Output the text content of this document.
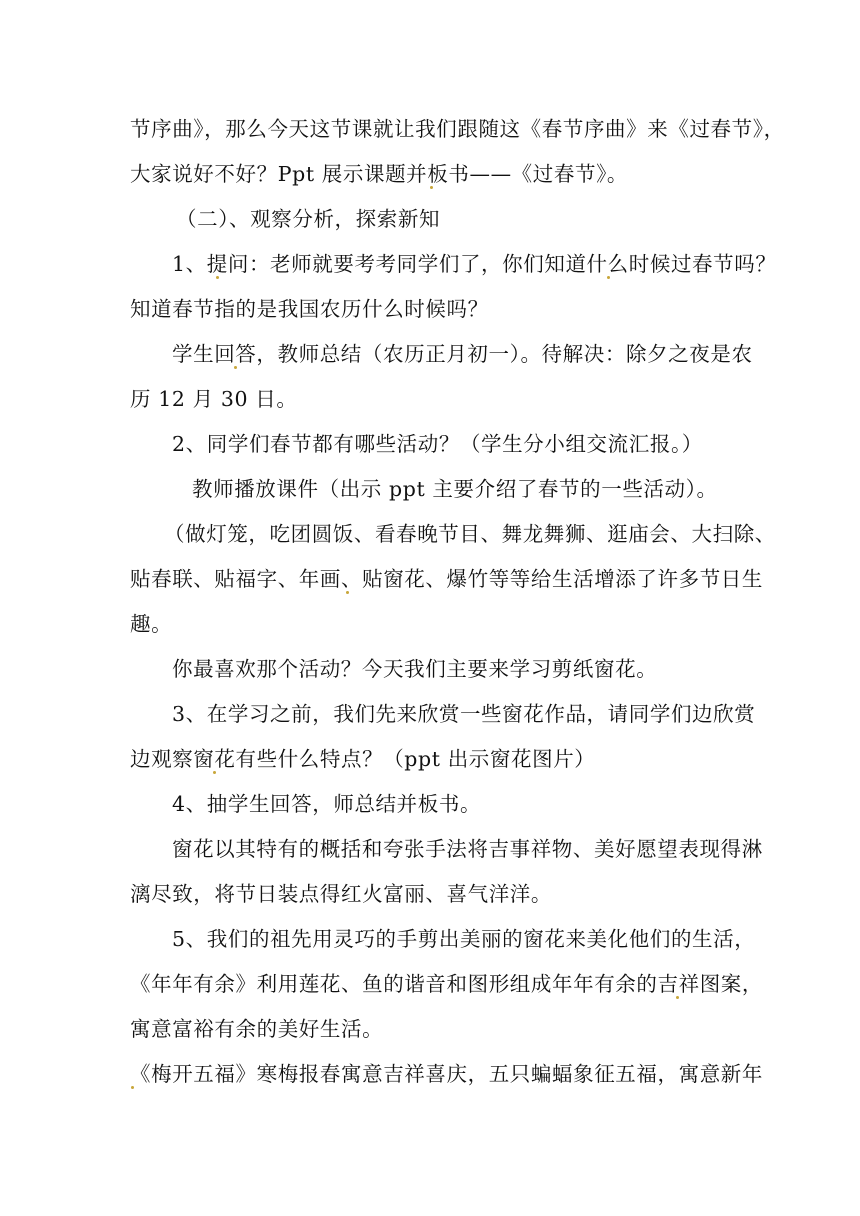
节序曲》，那么今天这节课就让我们跟随这《春节序曲》来《过春节》，
大家说好不好？Ppt 展示课题并板书——《过春节》。
（二）、观察分析，探索新知
1、提问：老师就要考考同学们了，你们知道什么时候过春节吗？
知道春节指的是我国农历什么时候吗？
学生回答，教师总结（农历正月初一）。待解决：除夕之夜是农
历 12 月 30 日。
2、同学们春节都有哪些活动？（学生分小组交流汇报。）
教师播放课件（出示 ppt 主要介绍了春节的一些活动）。
（做灯笼，吃团圆饭、看春晚节目、舞龙舞狮、逛庙会、大扫除、
贴春联、贴福字、年画、贴窗花、爆竹等等给生活增添了许多节日生
趣。
你最喜欢那个活动？今天我们主要来学习剪纸窗花。
3、在学习之前，我们先来欣赏一些窗花作品，请同学们边欣赏
边观察窗花有些什么特点？（ppt 出示窗花图片）
4、抽学生回答，师总结并板书。
窗花以其特有的概括和夸张手法将吉事祥物、美好愿望表现得淋
漓尽致，将节日装点得红火富丽、喜气洋洋。
5、我们的祖先用灵巧的手剪出美丽的窗花来美化他们的生活，
《年年有余》利用莲花、鱼的谐音和图形组成年年有余的吉祥图案，
寓意富裕有余的美好生活。
《梅开五福》寒梅报春寓意吉祥喜庆，五只蝙蝠象征五福，寓意新年
